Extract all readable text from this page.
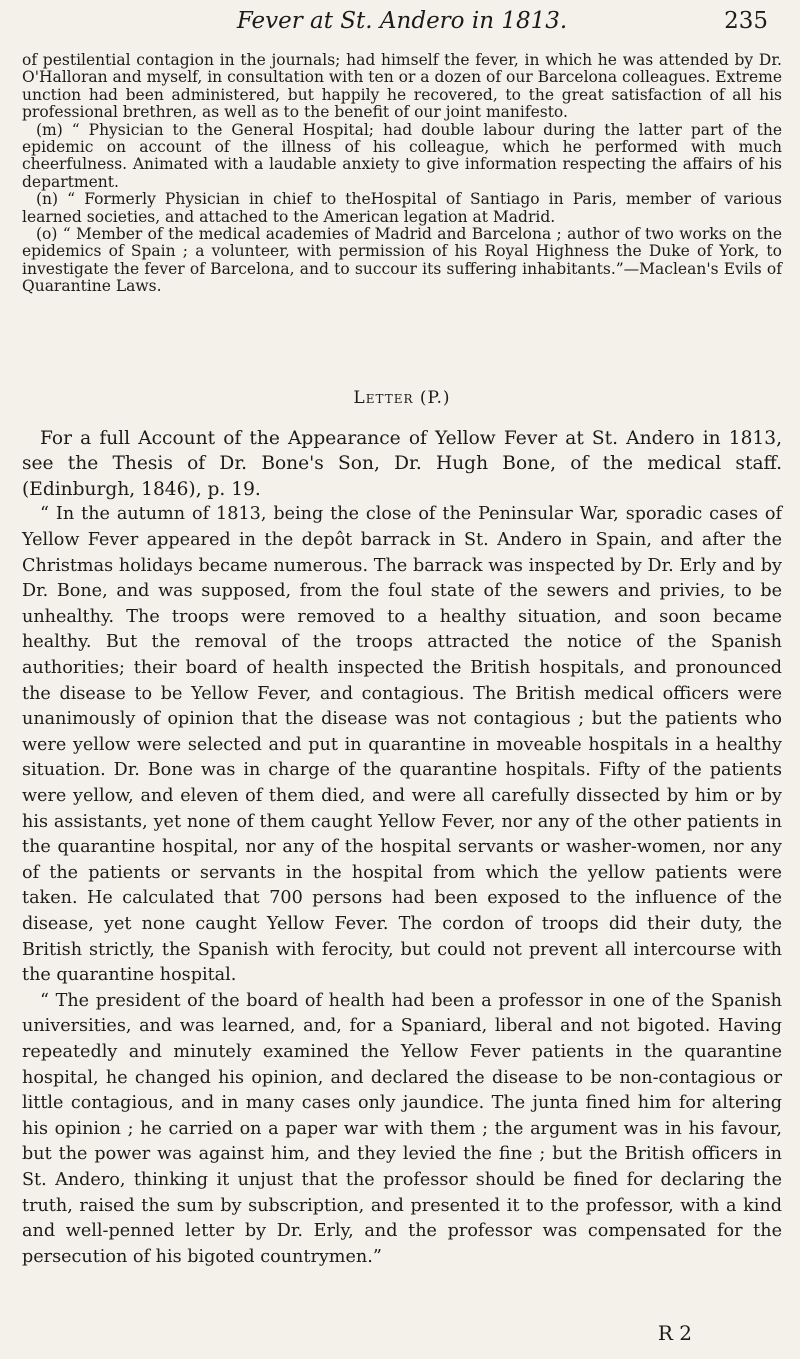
Fever at St. Andero in 1813.	235

of pestilential contagion in the journals; had himself the fever, in which he was attended by Dr. O'Halloran and myself, in consultation with ten or a dozen of our Barcelona colleagues. Extreme unction had been administered, but happily he recovered, to the great satisfaction of all his professional brethren, as well as to the benefit of our joint manifesto.

(m) “ Physician to the General Hospital; had double labour during the latter part of the epidemic on account of the illness of his colleague, which he performed with much cheerfulness. Animated with a laudable anxiety to give information respecting the affairs of his department.

(n) “ Formerly Physician in chief to theHospital of Santiago in Paris, member of various learned societies, and attached to the American legation at Madrid.

(o) “ Member of the medical academies of Madrid and Barcelona ; author of two works on the epidemics of Spain ; a volunteer, with permission of his Royal Highness the Duke of York, to investigate the fever of Barcelona, and to succour its suffering inhabitants.”—Maclean's Evils of Quarantine Laws.

Letter (P.)

For a full Account of the Appearance of Yellow Fever at St. Andero in 1813, see the Thesis of Dr. Bone's Son, Dr. Hugh Bone, of the medical staff. (Edinburgh, 1846), p. 19.

“ In the autumn of 1813, being the close of the Peninsular War, sporadic cases of Yellow Fever appeared in the depôt barrack in St. Andero in Spain, and after the Christmas holidays became numerous. The barrack was inspected by Dr. Erly and by Dr. Bone, and was supposed, from the foul state of the sewers and privies, to be unhealthy. The troops were removed to a healthy situation, and soon became healthy. But the removal of the troops attracted the notice of the Spanish authorities; their board of health inspected the British hospitals, and pronounced the disease to be Yellow Fever, and contagious. The British medical officers were unanimously of opinion that the disease was not contagious ; but the patients who were yellow were selected and put in quarantine in moveable hospitals in a healthy situation. Dr. Bone was in charge of the quarantine hospitals. Fifty of the patients were yellow, and eleven of them died, and were all carefully dissected by him or by his assistants, yet none of them caught Yellow Fever, nor any of the other patients in the quarantine hospital, nor any of the hospital servants or washer-women, nor any of the patients or servants in the hospital from which the yellow patients were taken. He calculated that 700 persons had been exposed to the influence of the disease, yet none caught Yellow Fever. The cordon of troops did their duty, the British strictly, the Spanish with ferocity, but could not prevent all intercourse with the quarantine hospital.

“ The president of the board of health had been a professor in one of the Spanish universities, and was learned, and, for a Spaniard, liberal and not bigoted. Having repeatedly and minutely examined the Yellow Fever patients in the quarantine hospital, he changed his opinion, and declared the disease to be non-contagious or little contagious, and in many cases only jaundice. The junta fined him for altering his opinion ; he carried on a paper war with them ; the argument was in his favour, but the power was against him, and they levied the fine ; but the British officers in St. Andero, thinking it unjust that the professor should be fined for declaring the truth, raised the sum by subscription, and presented it to the professor, with a kind and well-penned letter by Dr. Erly, and the professor was compensated for the persecution of his bigoted countrymen.”

R 2
